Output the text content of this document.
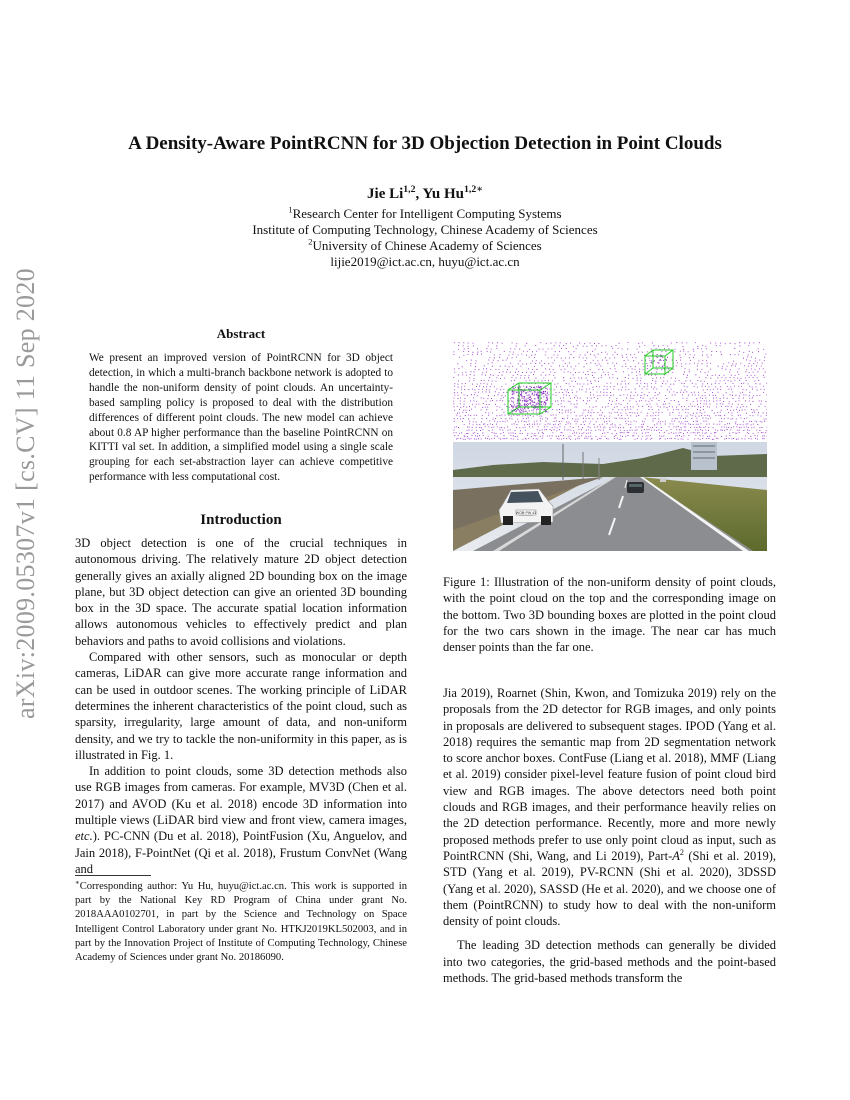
arXiv:2009.05307v1 [cs.CV] 11 Sep 2020
A Density-Aware PointRCNN for 3D Objection Detection in Point Clouds
Jie Li$^{1,2}$, Yu $Hu^{1,2∗}$
$^1$Research Center for Intelligent Computing Systems
Institute of Computing Technology, Chinese Academy of Sciences
$^2$University of Chinese Academy of Sciences
lijie2019@ict.ac.cn, huyu@ict.ac.cn
Abstract
We present an improved version of PointRCNN for 3D object detection, in which a multi-branch backbone network is adopted to handle the non-uniform density of point clouds. An uncertainty-based sampling policy is proposed to deal with the distribution differences of different point clouds. The new model can achieve about 0.8 AP higher performance than the baseline PointRCNN on KITTI val set. In addition, a simplified model using a single scale grouping for each set-abstraction layer can achieve competitive performance with less computational cost.
Introduction

3D object detection is one of the crucial techniques in autonomous driving. The relatively mature 2D object detection generally gives an axially aligned 2D bounding box on the image plane, but 3D object detection can give an oriented 3D bounding box in the 3D space. The accurate spatial location information allows autonomous vehicles to effectively predict and plan behaviors and paths to avoid collisions and violations.

Compared with other sensors, such as monocular or depth cameras, LiDAR can give more accurate range information and can be used in outdoor scenes. The working principle of LiDAR determines the inherent characteristics of the point cloud, such as sparsity, irregularity, large amount of data, and non-uniform density, and we try to tackle the non-uniformity in this paper, as is illustrated in Fig. 1.

In addition to point clouds, some 3D detection methods also use RGB images from cameras. For example, MV3D (Chen et al. 2017) and AVOD (Ku et al. 2018) encode 3D information into multiple views (LiDAR bird view and front view, camera images, etc.). PC-CNN (Du et al. 2018), PointFusion (Xu, Anguelov, and Jain 2018), F-PointNet (Qi et al. 2018), Frustum ConvNet (Wang and

∗Corresponding author: Yu Hu, huyu@ict.ac.cn. This work is supported in part by the National Key RD Program of China under grant No. 2018AAA0102701, in part by the Science and Technology on Space Intelligent Control Laboratory under grant No. HTKJ2019KL502003, and in part by the Innovation Project of Institute of Computing Technology, Chinese Academy of Sciences under grant No. 20186090.
WOB·PW 43
Figure 1: Illustration of the non-uniform density of point clouds, with the point cloud on the top and the corresponding image on the bottom. Two 3D bounding boxes are plotted in the point cloud for the two cars shown in the image. The near car has much denser points than the far one.

Jia 2019), Roarnet (Shin, Kwon, and Tomizuka 2019) rely on the proposals from the 2D detector for RGB images, and only points in proposals are delivered to subsequent stages. IPOD (Yang et al. 2018) requires the semantic map from 2D segmentation network to score anchor boxes. ContFuse (Liang et al. 2018), MMF (Liang et al. 2019) consider pixel-level feature fusion of point cloud bird view and RGB images. The above detectors need both point clouds and RGB images, and their performance heavily relies on the 2D detection performance. Recently, more and more newly proposed methods prefer to use only point cloud as input, such as PointRCNN (Shi, Wang, and Li 2019), Part-$A^2$ (Shi et al. 2019), STD (Yang et al. 2019), PV-RCNN (Shi et al. 2020), 3DSSD (Yang et al. 2020), SASSD (He et al. 2020), and we choose one of them (PointRCNN) to study how to deal with the non-uniform density of point clouds.

The leading 3D detection methods can generally be divided into two categories, the grid-based methods and the point-based methods. The grid-based methods transform the
